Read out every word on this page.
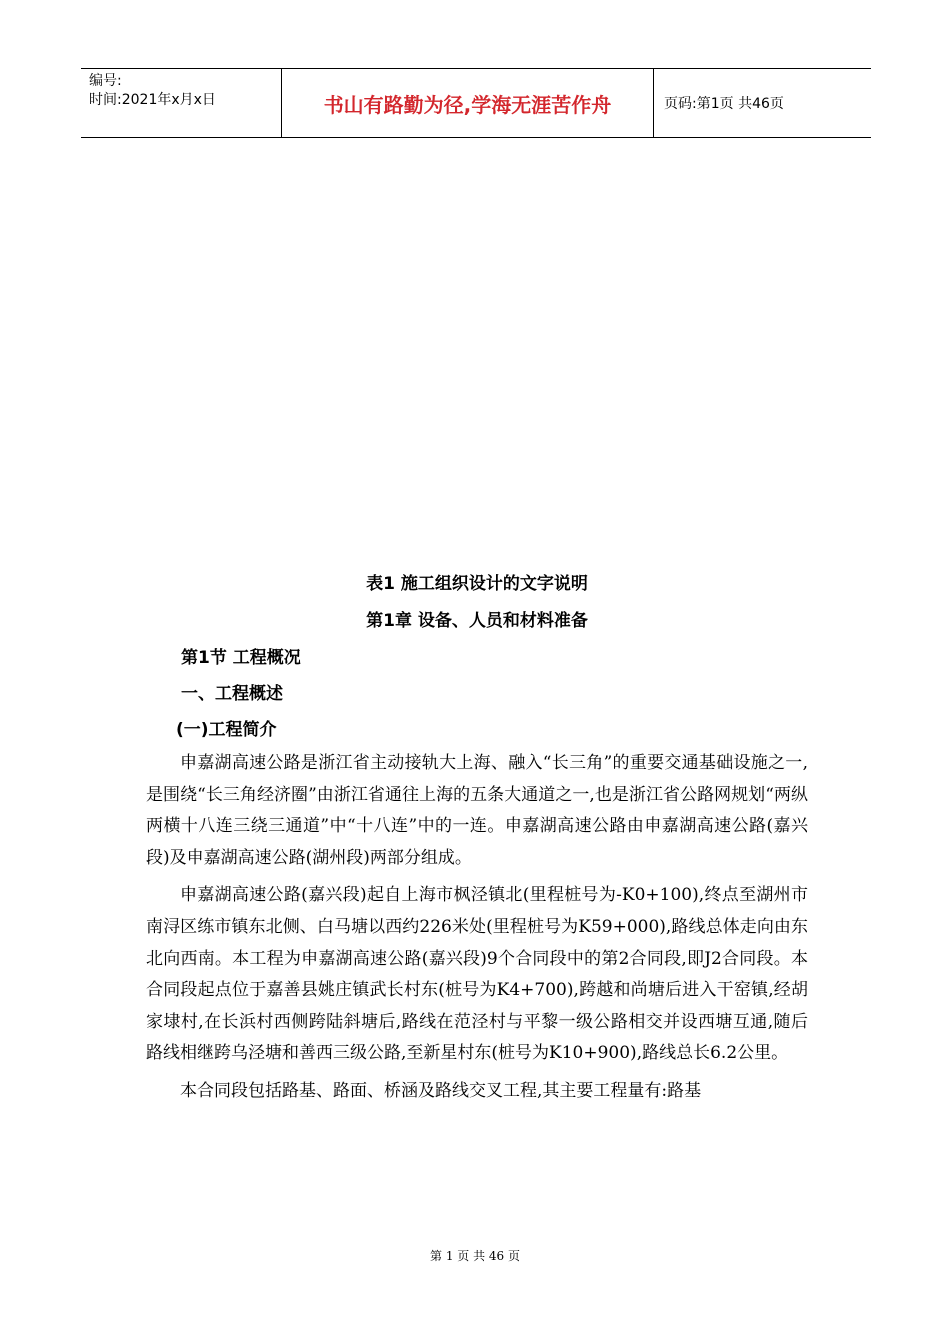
编号:
时间:2021年x月x日	书山有路勤为径,学海无涯苦作舟	页码:第1页 共46页
表1 施工组织设计的文字说明
第1章 设备、人员和材料准备
第1节 工程概况
一、工程概述
(一)工程简介

申嘉湖高速公路是浙江省主动接轨大上海、融入“长三角”的重要交通基础设施之一,是围绕“长三角经济圈”由浙江省通往上海的五条大通道之一,也是浙江省公路网规划“两纵两横十八连三绕三通道”中“十八连”中的一连。申嘉湖高速公路由申嘉湖高速公路(嘉兴段)及申嘉湖高速公路(湖州段)两部分组成。

申嘉湖高速公路(嘉兴段)起自上海市枫泾镇北(里程桩号为-K0+100),终点至湖州市南浔区练市镇东北侧、白马塘以西约226米处(里程桩号为K59+000),路线总体走向由东北向西南。本工程为申嘉湖高速公路(嘉兴段)9个合同段中的第2合同段,即J2合同段。本合同段起点位于嘉善县姚庄镇武长村东(桩号为K4+700),跨越和尚塘后进入干窑镇,经胡家埭村,在长浜村西侧跨陆斜塘后,路线在范泾村与平黎一级公路相交并设西塘互通,随后路线相继跨乌泾塘和善西三级公路,至新星村东(桩号为K10+900),路线总长6.2公里。

本合同段包括路基、路面、桥涵及路线交叉工程,其主要工程量有:路基

第 1 页 共 46 页
